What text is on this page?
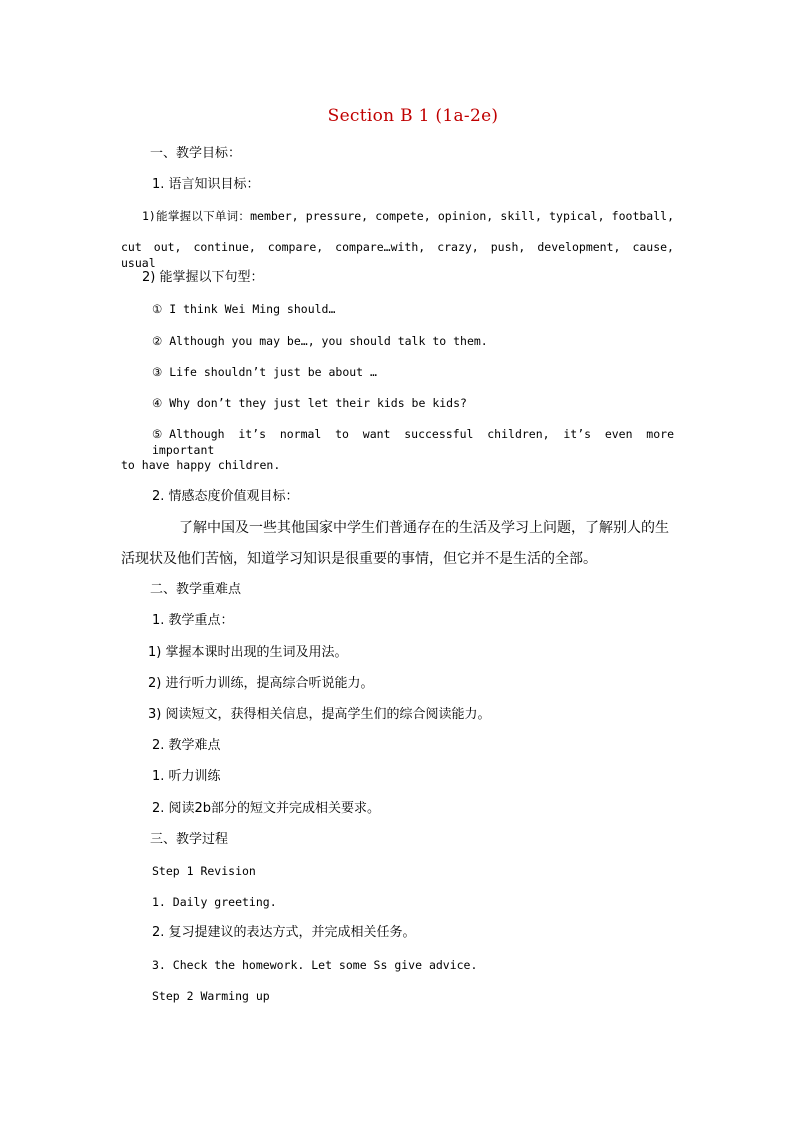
Section B 1 (1a-2e)
一、教学目标：
1. 语言知识目标：
1)能掌握以下单词：member, pressure, compete, opinion, skill, typical, football,
cut out, continue, compare, compare…with, crazy, push, development, cause, usual
2) 能掌握以下句型：
① I think Wei Ming should…
② Although you may be…, you should talk to them.
③ Life shouldn’t just be about …
④ Why don’t they just let their kids be kids?
⑤Although it’s normal to want successful children, it’s even more important
to have happy children.
2. 情感态度价值观目标：
了解中国及一些其他国家中学生们普通存在的生活及学习上问题，了解别人的生
活现状及他们苦恼，知道学习知识是很重要的事情，但它并不是生活的全部。
二、教学重难点
1. 教学重点：
1) 掌握本课时出现的生词及用法。
2) 进行听力训练，提高综合听说能力。
3) 阅读短文，获得相关信息，提高学生们的综合阅读能力。
2. 教学难点
1. 听力训练
2. 阅读2b部分的短文并完成相关要求。
三、教学过程
Step 1 Revision
1. Daily greeting.
2. 复习提建议的表达方式，并完成相关任务。
3. Check the homework. Let some Ss give advice.
Step 2 Warming up
